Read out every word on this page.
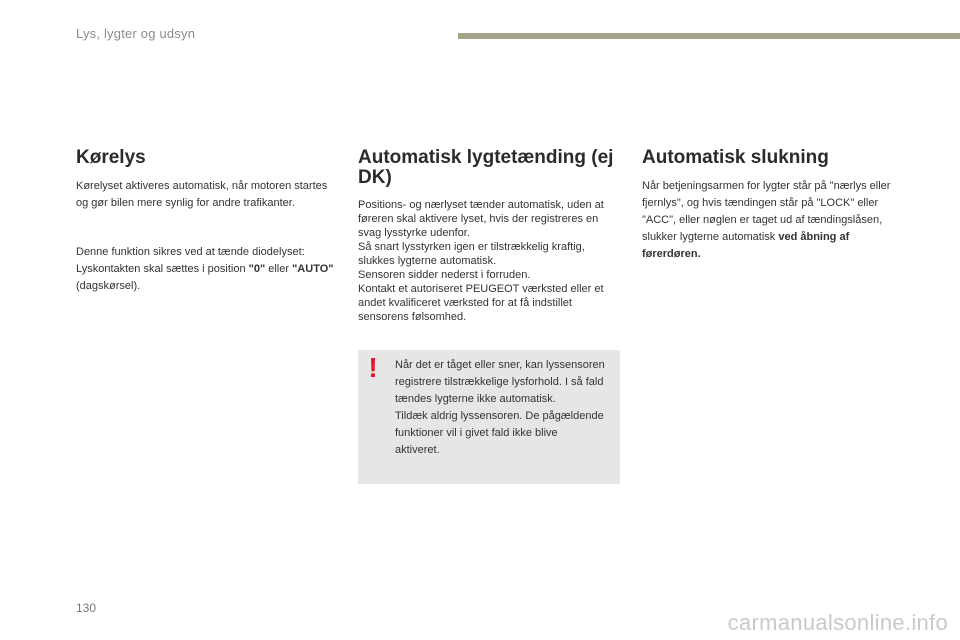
Lys, lygter og udsyn
Kørelys

Kørelyset aktiveres automatisk, når motoren startes og gør bilen mere synlig for andre trafikanter.

Denne funktion sikres ved at tænde diodelyset: Lyskontakten skal sættes i position "0" eller "AUTO" (dagskørsel).

Automatisk lygtetænding (ej DK)

Positions- og nærlyset tænder automatisk, uden at føreren skal aktivere lyset, hvis der registreres en svag lysstyrke udenfor.

Så snart lysstyrken igen er tilstrækkelig kraftig, slukkes lygterne automatisk.

Sensoren sidder nederst i forruden.

Kontakt et autoriseret PEUGEOT værksted eller et andet kvalificeret værksted for at få indstillet sensorens følsomhed.

! Når det er tåget eller sner, kan lyssensoren registrere tilstrækkelige lysforhold. I så fald tændes lygterne ikke automatisk.
Tildæk aldrig lyssensoren. De pågældende funktioner vil i givet fald ikke blive aktiveret.
Automatisk slukning

Når betjeningsarmen for lygter står på "nærlys eller fjernlys", og hvis tændingen står på "LOCK" eller "ACC", eller nøglen er taget ud af tændingslåsen, slukker lygterne automatisk ved åbning af førerdøren.

130
carmanualsonline.info
